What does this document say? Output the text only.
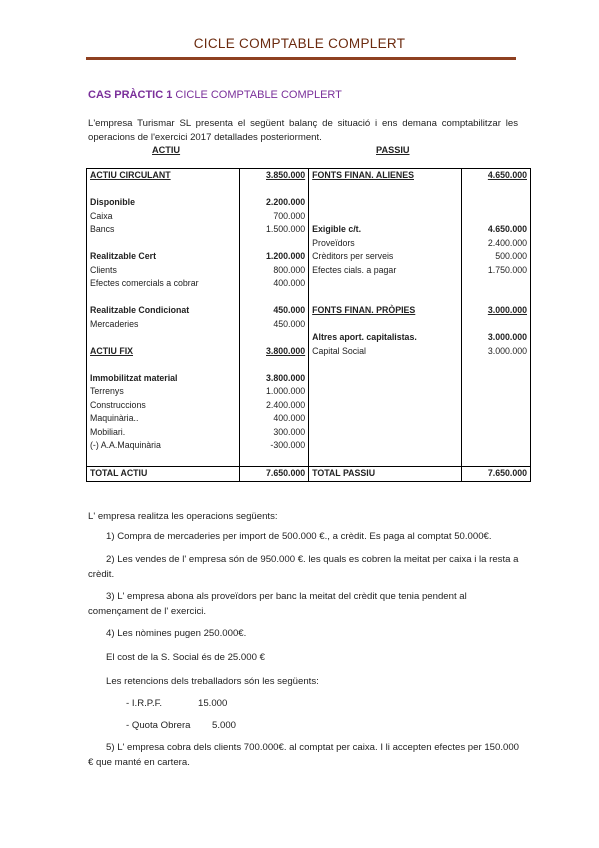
CICLE COMPTABLE COMPLERT
CAS PRÀCTIC 1 CICLE COMPTABLE COMPLERT
L'empresa Turismar SL presenta el següent balanç de situació i ens demana comptabilitzar les operacions de l'exercici 2017 detallades posteriorment.
ACTIU	PASSIU
ACTIU CIRCULANT	3.850.000	FONTS FINAN. ALIENES	4.650.000

Disponible	2.200.000		
Caixa	700.000		
Bancs	1.500.000	Exigible c/t.	4.650.000
		Proveïdors	2.400.000
Realitzable Cert	1.200.000	Crèditors per serveis	500.000
Clients	800.000	Efectes cials. a pagar	1.750.000
Efectes comercials a cobrar	400.000		

Realitzable Condicionat	450.000	FONTS FINAN. PRÒPIES	3.000.000
Mercaderies	450.000		
		Altres aport. capitalistas.	3.000.000
ACTIU FIX	3.800.000	Capital Social	3.000.000

Immobilitzat material	3.800.000		
Terrenys	1.000.000		
Construccions	2.400.000		
Maquinària..	400.000		
Mobiliari.	300.000		
(-) A.A.Maquinària	-300.000		

TOTAL ACTIU	7.650.000	TOTAL PASSIU	7.650.000

L' empresa realitza les operacions següents:

1) Compra de mercaderies per import de 500.000 €., a crèdit. Es paga al comptat 50.000€.

2) Les vendes de l' empresa són de 950.000 €. les quals es cobren la meitat per caixa i la resta a crèdit.

3) L' empresa abona als proveïdors per banc la meitat del crèdit que tenia pendent al començament de l' exercici.

4) Les nòmines pugen 250.000€.

El cost de la S. Social és de 25.000 €

Les retencions dels treballadors són les següents:

- I.R.P.F.	15.000

- Quota Obrera 5.000

5) L' empresa cobra dels clients 700.000€. al comptat per caixa. I li accepten efectes per 150.000 € que manté en cartera.
